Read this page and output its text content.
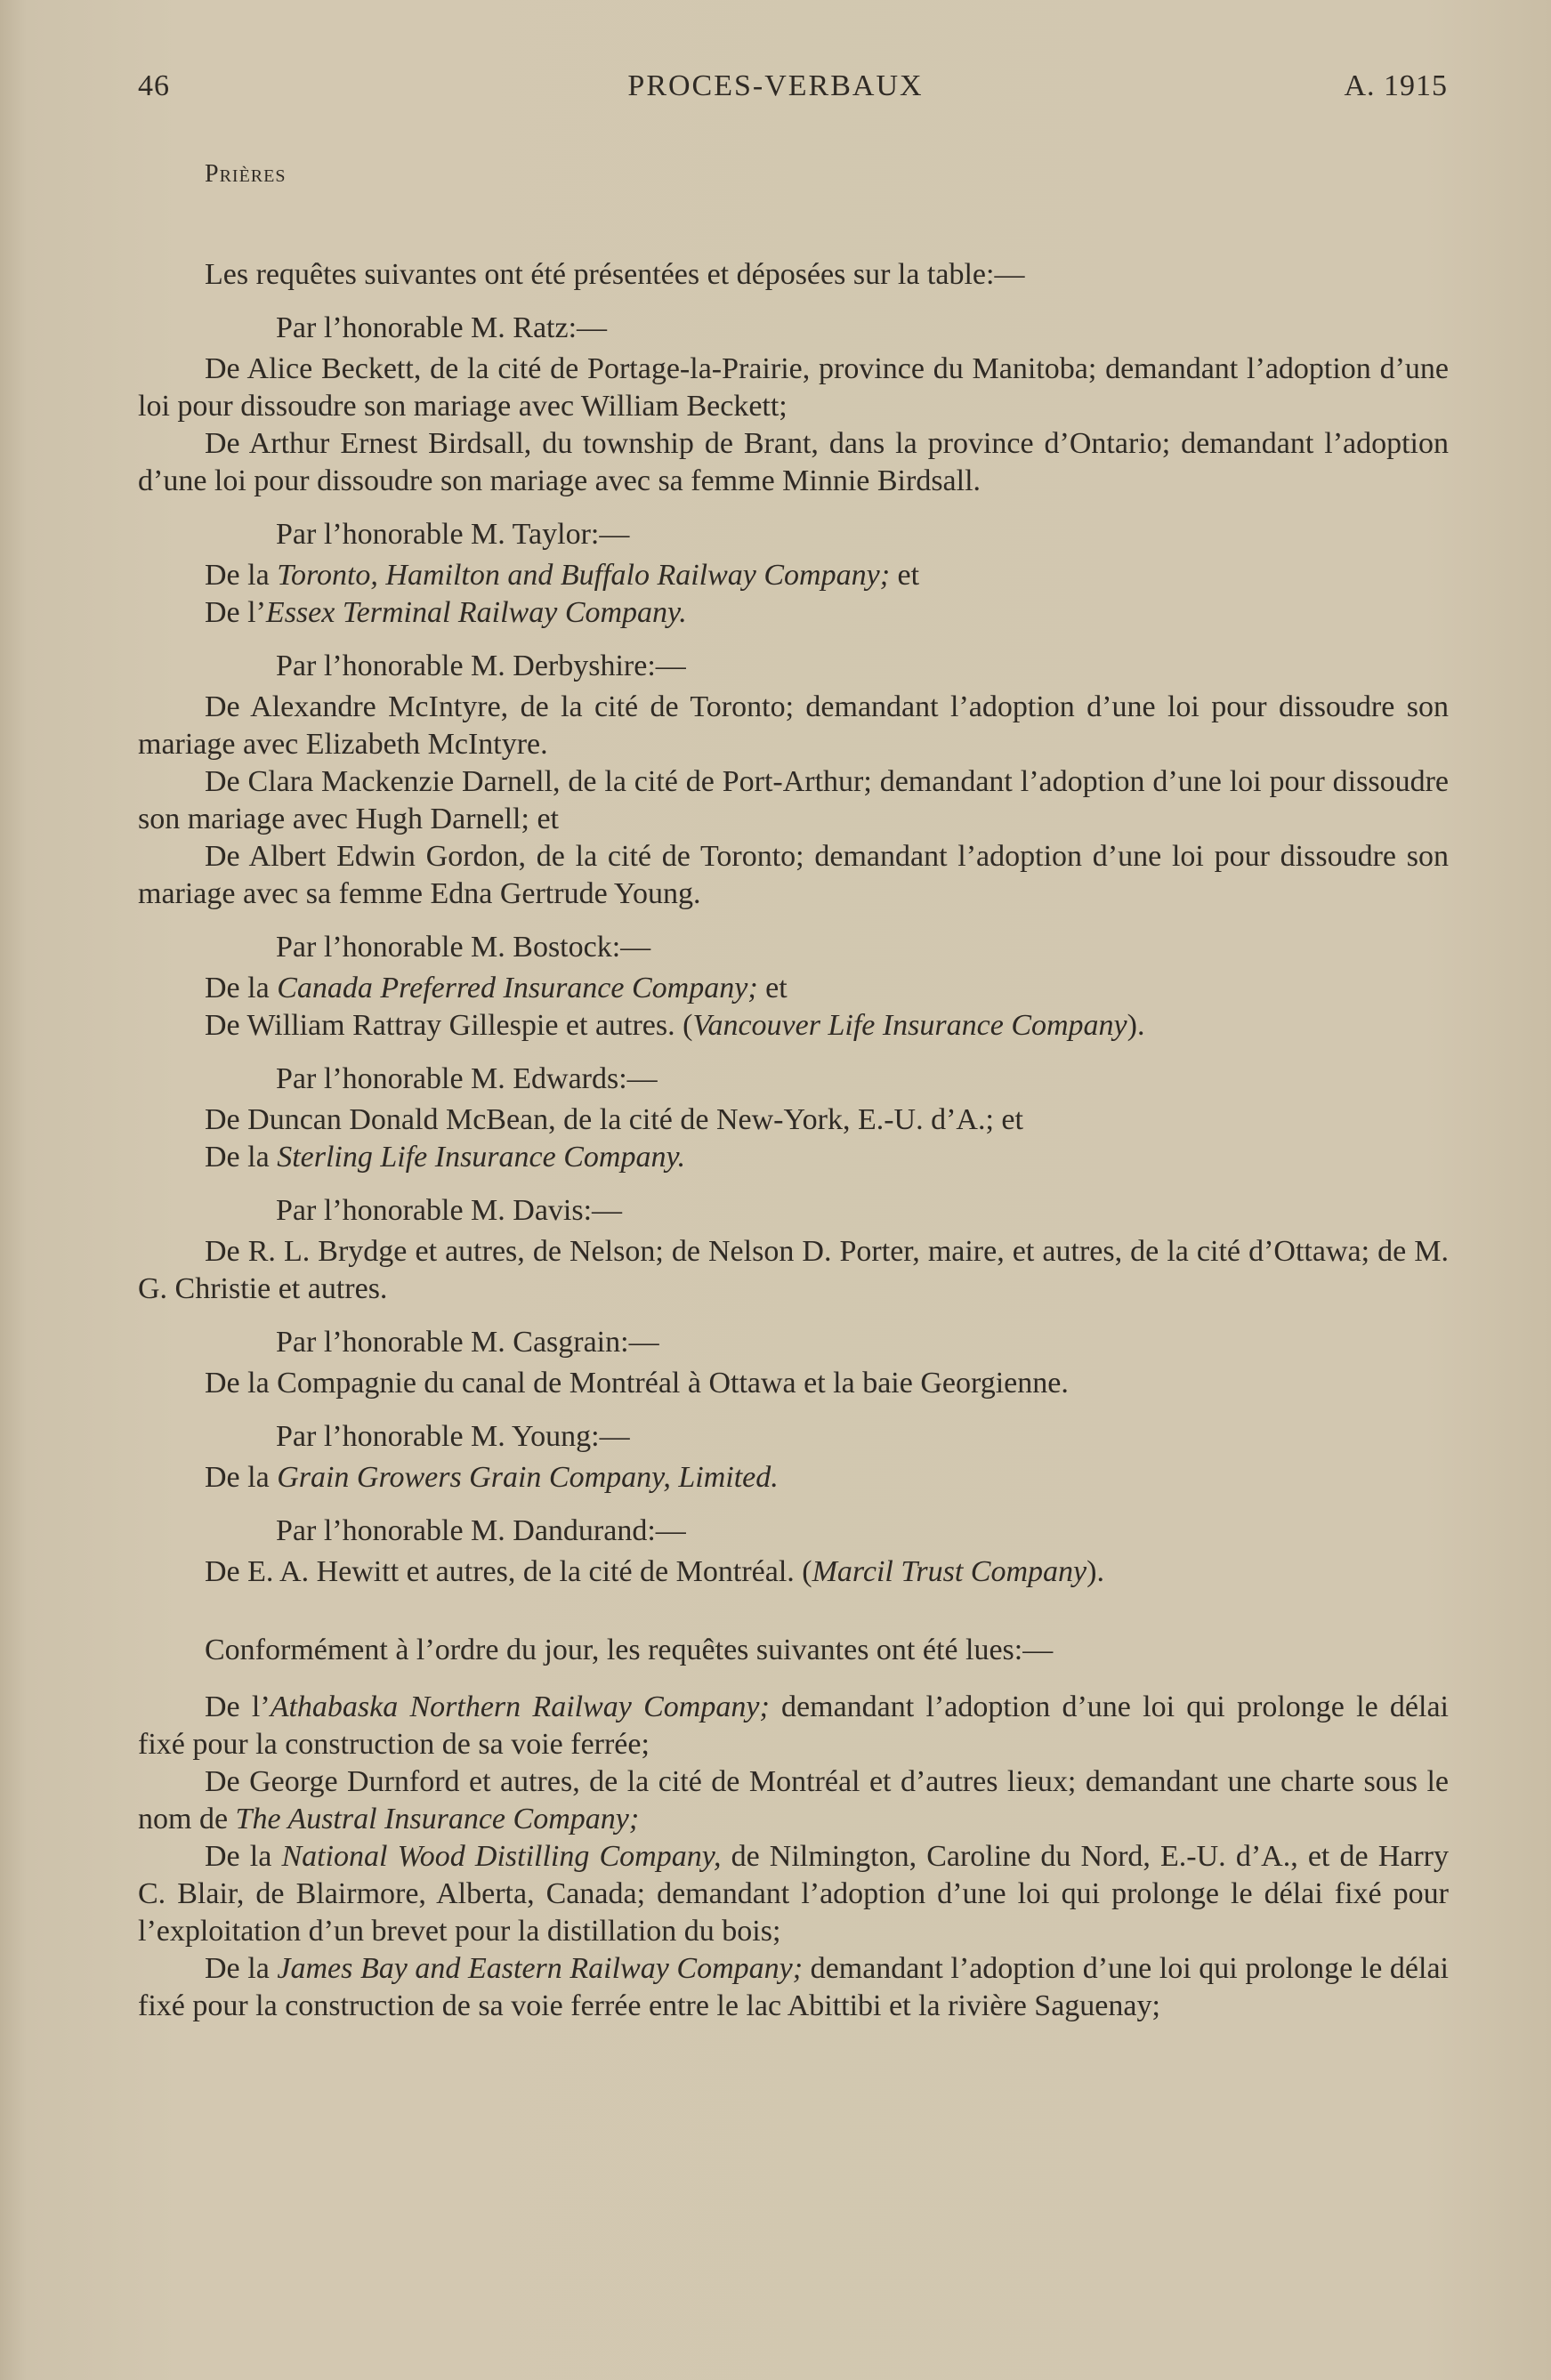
46	PROCES-VERBAUX	A. 1915
Prières

Les requêtes suivantes ont été présentées et déposées sur la table:—

Par l’honorable M. Ratz:—

De Alice Beckett, de la cité de Portage-la-Prairie, province du Manitoba; demandant l’adoption d’une loi pour dissoudre son mariage avec William Beckett;

De Arthur Ernest Birdsall, du township de Brant, dans la province d’Ontario; demandant l’adoption d’une loi pour dissoudre son mariage avec sa femme Minnie Birdsall.

Par l’honorable M. Taylor:—

De la Toronto, Hamilton and Buffalo Railway Company; et

De l’Essex Terminal Railway Company.

Par l’honorable M. Derbyshire:—

De Alexandre McIntyre, de la cité de Toronto; demandant l’adoption d’une loi pour dissoudre son mariage avec Elizabeth McIntyre.

De Clara Mackenzie Darnell, de la cité de Port-Arthur; demandant l’adoption d’une loi pour dissoudre son mariage avec Hugh Darnell; et

De Albert Edwin Gordon, de la cité de Toronto; demandant l’adoption d’une loi pour dissoudre son mariage avec sa femme Edna Gertrude Young.

Par l’honorable M. Bostock:—

De la Canada Preferred Insurance Company; et

De William Rattray Gillespie et autres. (Vancouver Life Insurance Company).

Par l’honorable M. Edwards:—

De Duncan Donald McBean, de la cité de New-York, E.-U. d’A.; et

De la Sterling Life Insurance Company.

Par l’honorable M. Davis:—

De R. L. Brydge et autres, de Nelson; de Nelson D. Porter, maire, et autres, de la cité d’Ottawa; de M. G. Christie et autres.

Par l’honorable M. Casgrain:—

De la Compagnie du canal de Montréal à Ottawa et la baie Georgienne.

Par l’honorable M. Young:—

De la Grain Growers Grain Company, Limited.

Par l’honorable M. Dandurand:—

De E. A. Hewitt et autres, de la cité de Montréal. (Marcil Trust Company).

Conformément à l’ordre du jour, les requêtes suivantes ont été lues:—

De l’Athabaska Northern Railway Company; demandant l’adoption d’une loi qui prolonge le délai fixé pour la construction de sa voie ferrée;

De George Durnford et autres, de la cité de Montréal et d’autres lieux; demandant une charte sous le nom de The Austral Insurance Company;

De la National Wood Distilling Company, de Nilmington, Caroline du Nord, E.-U. d’A., et de Harry C. Blair, de Blairmore, Alberta, Canada; demandant l’adoption d’une loi qui prolonge le délai fixé pour l’exploitation d’un brevet pour la distillation du bois;

De la James Bay and Eastern Railway Company; demandant l’adoption d’une loi qui prolonge le délai fixé pour la construction de sa voie ferrée entre le lac Abittibi et la rivière Saguenay;
